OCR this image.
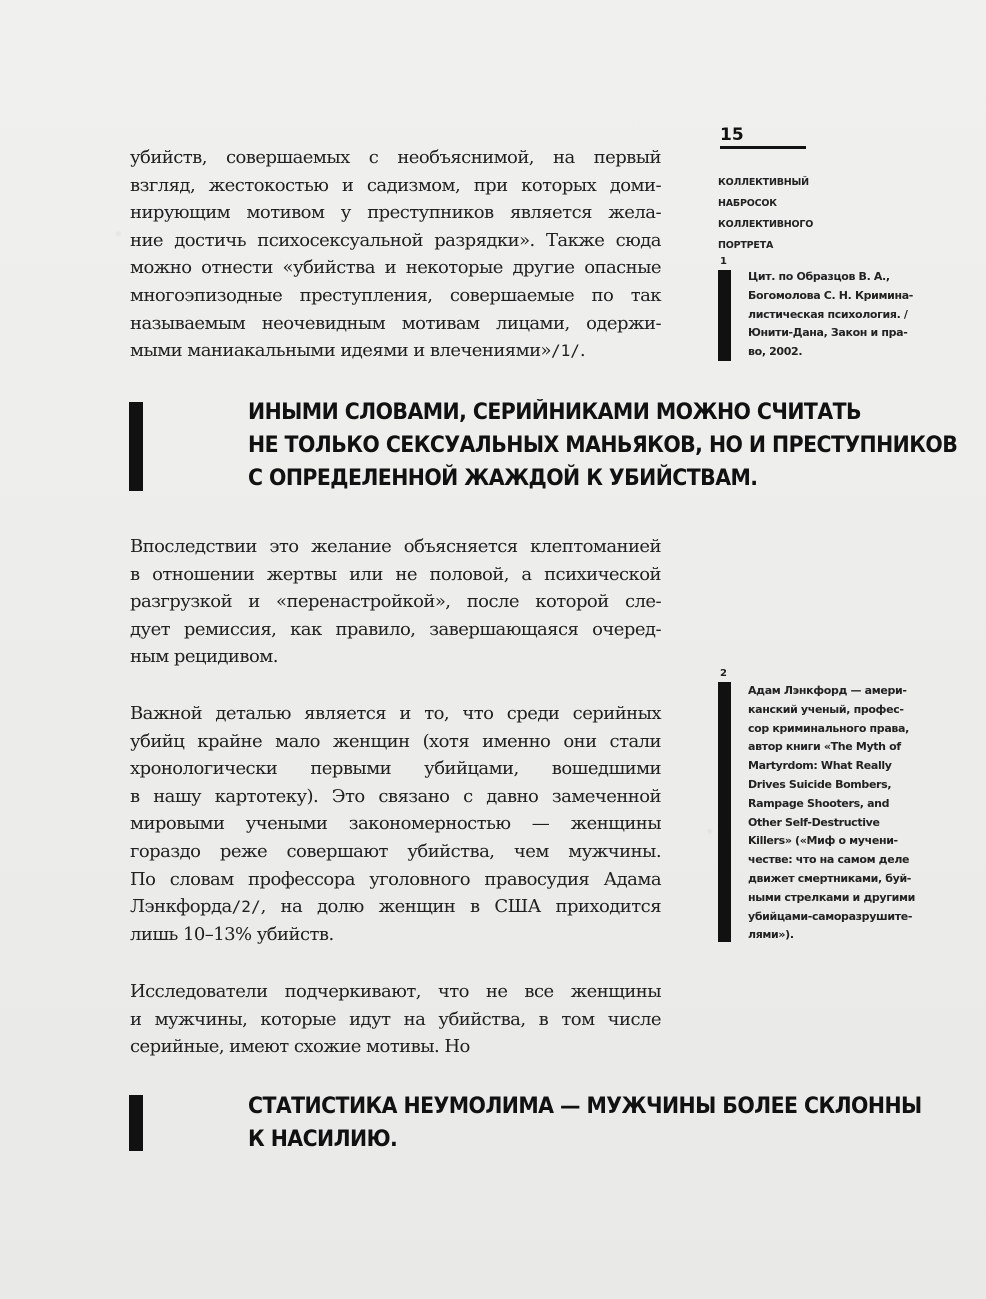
15
КОЛЛЕКТИВНЫЙ
НАБРОСОК
КОЛЛЕКТИВНОГО
ПОРТРЕТА
убийств, совершаемых с необъяснимой, на первый
взгляд, жестокостью и садизмом, при которых доми-
нирующим мотивом у преступников является жела-
ние достичь психосексуальной разрядки». Также сюда
можно отнести «убийства и некоторые другие опасные
многоэпизодные преступления, совершаемые по так
называемым неочевидным мотивам лицами, одержи-
мыми маниакальными идеями и влечениями»/1/.
1
Цит. по Образцов В. А.,
Богомолова С. Н. Кримина-
листическая психология. /
Юнити-Дана, Закон и пра-
во, 2002.
ИНЫМИ СЛОВАМИ, СЕРИЙНИКАМИ МОЖНО СЧИТАТЬ
НЕ ТОЛЬКО СЕКСУАЛЬНЫХ МАНЬЯКОВ, НО И ПРЕСТУПНИКОВ
С ОПРЕДЕЛЕННОЙ ЖАЖДОЙ К УБИЙСТВАМ.
Впоследствии это желание объясняется клептоманией
в отношении жертвы или не половой, а психической
разгрузкой и «перенастройкой», после которой сле-
дует ремиссия, как правило, завершающаяся очеред-
ным рецидивом.
2
Адам Лэнкфорд — амери-
канский ученый, профес-
сор криминального права,
автор книги «The Myth of
Martyrdom: What Really
Drives Suicide Bombers,
Rampage Shooters, and
Other Self-Destructive
Killers» («Миф о мучени-
честве: что на самом деле
движет смертниками, буй-
ными стрелками и другими
убийцами-саморазрушите-
лями»).
Важной деталью является и то, что среди серийных
убийц крайне мало женщин (хотя именно они стали
хронологически первыми убийцами, вошедшими
в нашу картотеку). Это связано с давно замеченной
мировыми учеными закономерностью — женщины
гораздо реже совершают убийства, чем мужчины.
По словам профессора уголовного правосудия Адама
Лэнкфорда/2/, на долю женщин в США приходится
лишь 10–13% убийств.
Исследователи подчеркивают, что не все женщины
и мужчины, которые идут на убийства, в том числе
серийные, имеют схожие мотивы. Но
СТАТИСТИКА НЕУМОЛИМА — МУЖЧИНЫ БОЛЕЕ СКЛОННЫ
К НАСИЛИЮ.
